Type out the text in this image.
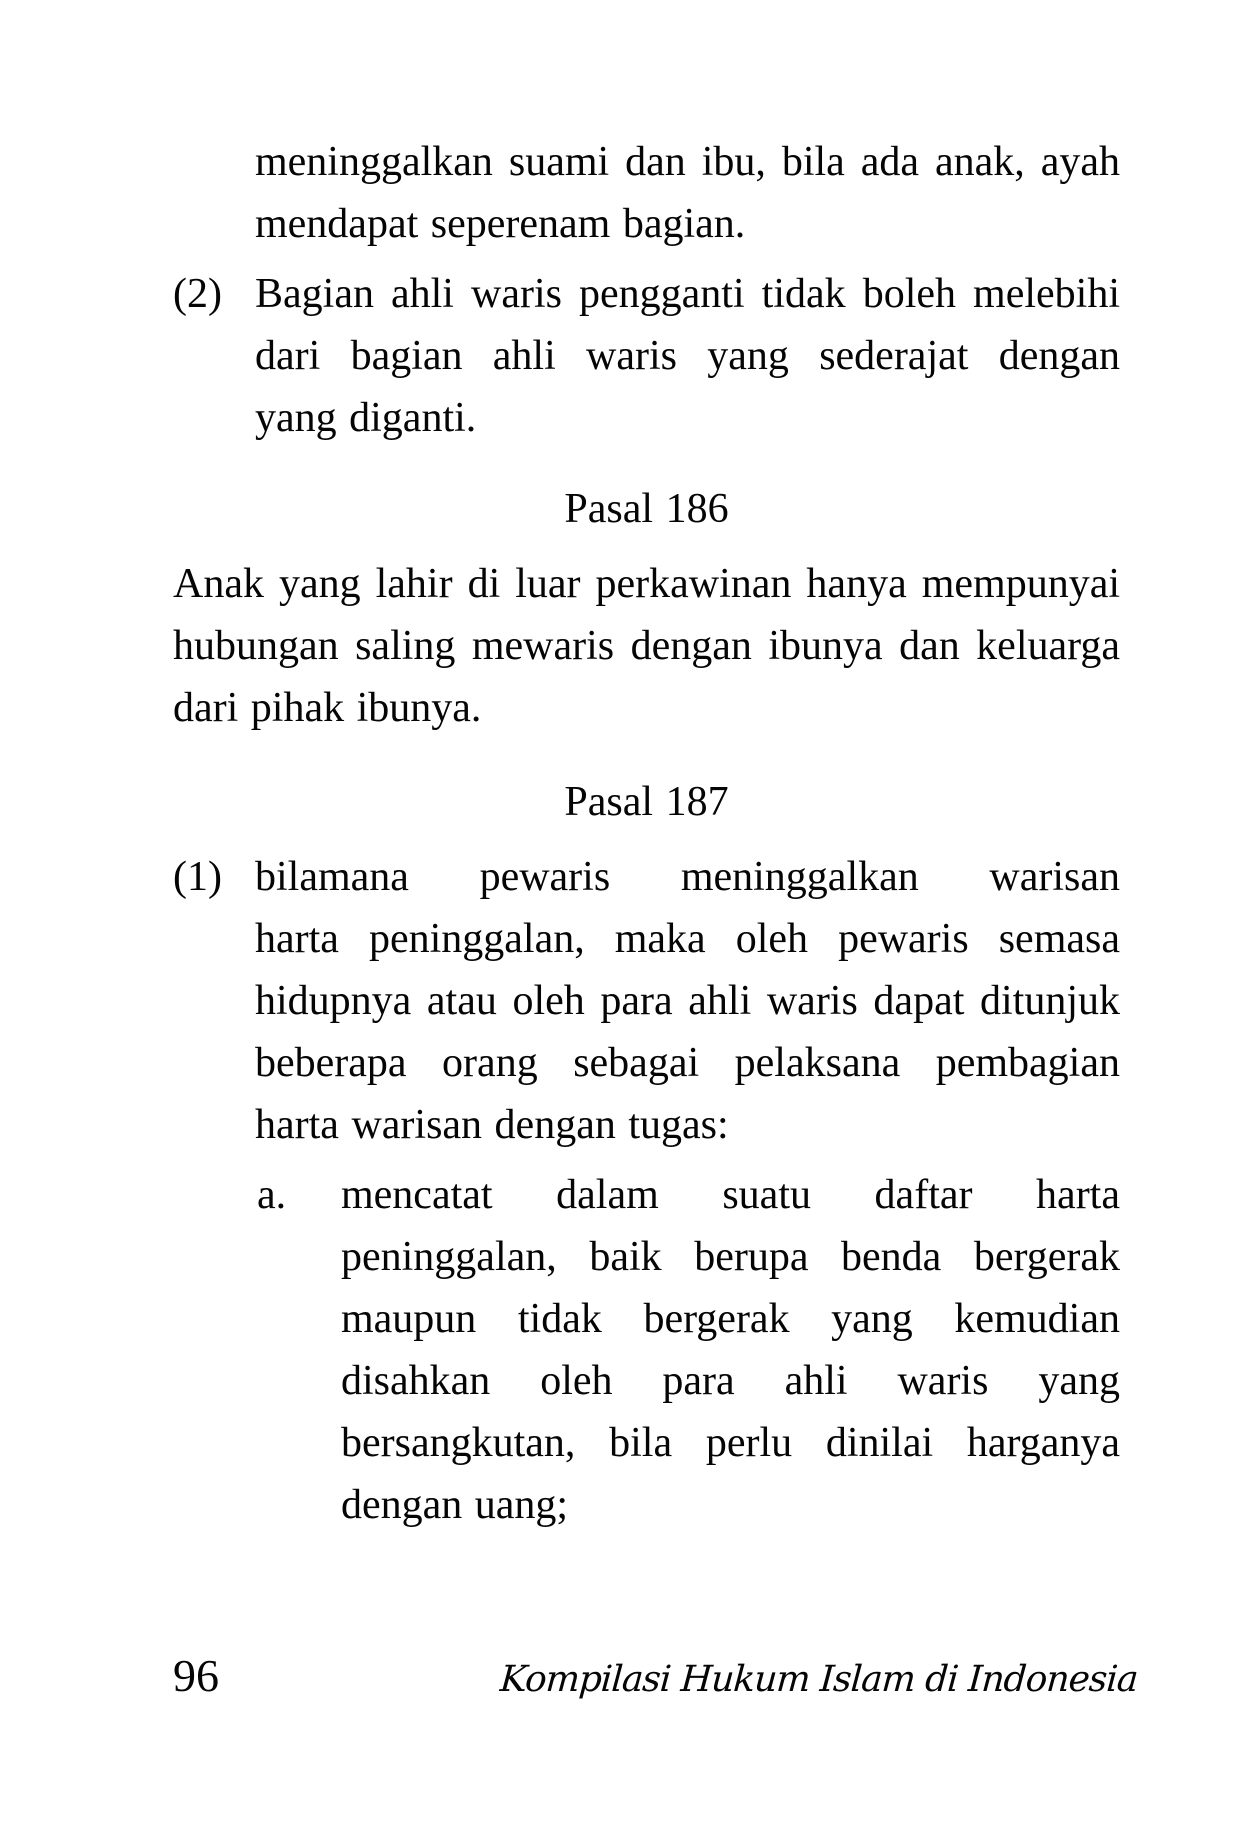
meninggalkan suami dan ibu, bila ada anak, ayah
mendapat seperenam bagian.
(2) Bagian ahli waris pengganti tidak boleh melebihi
dari bagian ahli waris yang sederajat dengan
yang diganti.
Pasal 186
Anak yang lahir di luar perkawinan hanya mempunyai
hubungan saling mewaris dengan ibunya dan keluarga
dari pihak ibunya.
Pasal 187
(1) bilamana pewaris meninggalkan warisan
harta peninggalan, maka oleh pewaris semasa
hidupnya atau oleh para ahli waris dapat ditunjuk
beberapa orang sebagai pelaksana pembagian
harta warisan dengan tugas:
a. mencatat dalam suatu daftar harta
peninggalan, baik berupa benda bergerak
maupun tidak bergerak yang kemudian
disahkan oleh para ahli waris yang
bersangkutan, bila perlu dinilai harganya
dengan uang;
96	Kompilasi Hukum Islam di Indonesia
